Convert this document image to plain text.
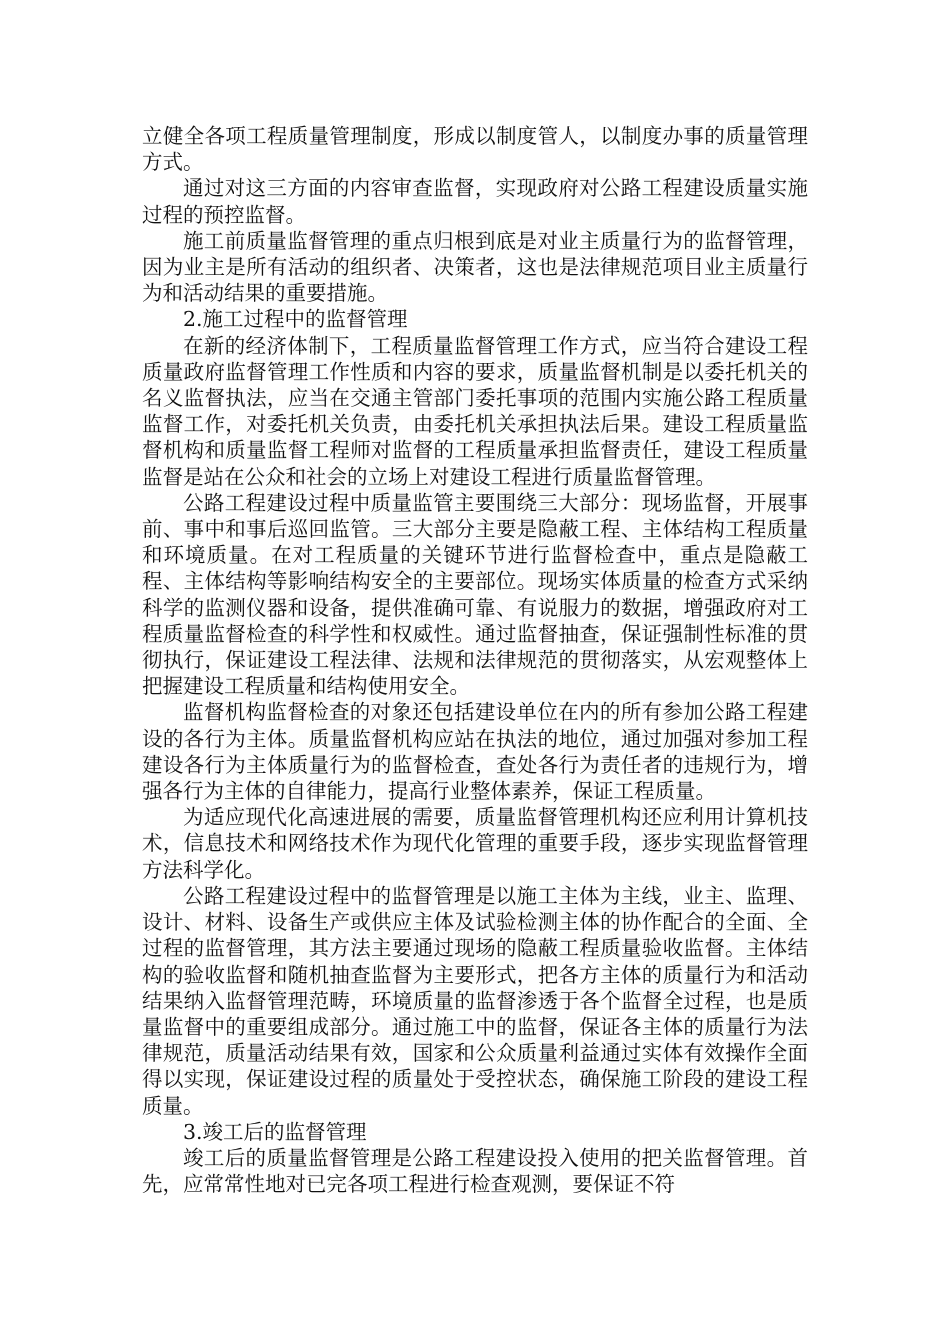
立健全各项工程质量管理制度，形成以制度管人，以制度办事的质量管理方式。

通过对这三方面的内容审查监督，实现政府对公路工程建设质量实施过程的预控监督。

施工前质量监督管理的重点归根到底是对业主质量行为的监督管理，因为业主是所有活动的组织者、决策者，这也是法律规范项目业主质量行为和活动结果的重要措施。

2.施工过程中的监督管理

在新的经济体制下，工程质量监督管理工作方式，应当符合建设工程质量政府监督管理工作性质和内容的要求，质量监督机制是以委托机关的名义监督执法，应当在交通主管部门委托事项的范围内实施公路工程质量监督工作，对委托机关负责，由委托机关承担执法后果。建设工程质量监督机构和质量监督工程师对监督的工程质量承担监督责任，建设工程质量监督是站在公众和社会的立场上对建设工程进行质量监督管理。

公路工程建设过程中质量监管主要围绕三大部分：现场监督，开展事前、事中和事后巡回监管。三大部分主要是隐蔽工程、主体结构工程质量和环境质量。在对工程质量的关键环节进行监督检查中，重点是隐蔽工程、主体结构等影响结构安全的主要部位。现场实体质量的检查方式采纳科学的监测仪器和设备，提供准确可靠、有说服力的数据，增强政府对工程质量监督检查的科学性和权威性。通过监督抽查，保证强制性标准的贯彻执行，保证建设工程法律、法规和法律规范的贯彻落实，从宏观整体上把握建设工程质量和结构使用安全。

监督机构监督检查的对象还包括建设单位在内的所有参加公路工程建设的各行为主体。质量监督机构应站在执法的地位，通过加强对参加工程建设各行为主体质量行为的监督检查，查处各行为责任者的违规行为，增强各行为主体的自律能力，提高行业整体素养，保证工程质量。

为适应现代化高速进展的需要，质量监督管理机构还应利用计算机技术，信息技术和网络技术作为现代化管理的重要手段，逐步实现监督管理方法科学化。

公路工程建设过程中的监督管理是以施工主体为主线，业主、监理、设计、材料、设备生产或供应主体及试验检测主体的协作配合的全面、全过程的监督管理，其方法主要通过现场的隐蔽工程质量验收监督。主体结构的验收监督和随机抽查监督为主要形式，把各方主体的质量行为和活动结果纳入监督管理范畴，环境质量的监督渗透于各个监督全过程，也是质量监督中的重要组成部分。通过施工中的监督，保证各主体的质量行为法律规范，质量活动结果有效，国家和公众质量利益通过实体有效操作全面得以实现，保证建设过程的质量处于受控状态，确保施工阶段的建设工程质量。

3.竣工后的监督管理

竣工后的质量监督管理是公路工程建设投入使用的把关监督管理。首先，应常常性地对已完各项工程进行检查观测，要保证不符
